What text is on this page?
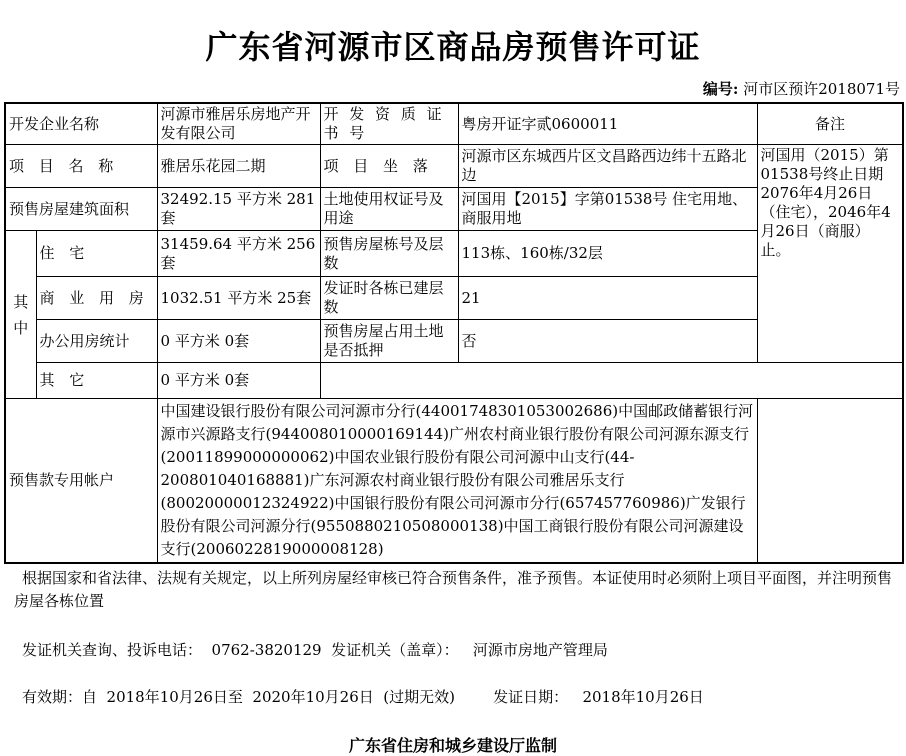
广东省河源市区商品房预售许可证
编号: 河市区预许2018071号
开发企业名称		河源市雅居乐房地产开发有限公司	开 发 资 质 证 书 号	粤房开证字贰0600011	备注	
项 目 名 称		雅居乐花园二期	项 目 坐 落	河源市区东城西片区文昌路西边纬十五路北边	河国用（2015）第01538号终止日期2076年4月26日（住宅），2046年4月26日（商服）止。	
预售房屋建筑面积		32492.15 平方米 281套	土地使用权证号及用途	河国用【2015】字第01538号 住宅用地、商服用地		
其 中	住 宅	31459.64 平方米 256套	预售房屋栋号及层数	113栋、160栋/32层		
	商 业 用 房	1032.51 平方米 25套	发证时各栋已建层数	21		
	办公用房统计	0 平方米 0套	预售房屋占用土地是否抵押	否		
	其 它	0 平方米 0套				
预售款专用帐户		中国建设银行股份有限公司河源市分行(44001748301053002686)中国邮政储蓄银行河源市兴源路支行(944008010000169144)广州农村商业银行股份有限公司河源东源支行(20011899000000062)中国农业银行股份有限公司河源中山支行(44-200801040168881)广东河源农村商业银行股份有限公司雅居乐支行(80020000012324922)中国银行股份有限公司河源市分行(657457760986)广发银行股份有限公司河源分行(9550880210508000138)中国工商银行股份有限公司河源建设支行(2006022819000008128)				
根据国家和省法律、法规有关规定，以上所列房屋经审核已符合预售条件，准予预售。本证使用时必须附上项目平面图，并注明预售房屋各栋位置
发证机关查询、投诉电话：  0762-3820129  发证机关（盖章）：   河源市房地产管理局
有效期：自  2018年10月26日至  2020年10月26日  (过期无效)        发证日期：   2018年10月26日
广东省住房和城乡建设厅监制
